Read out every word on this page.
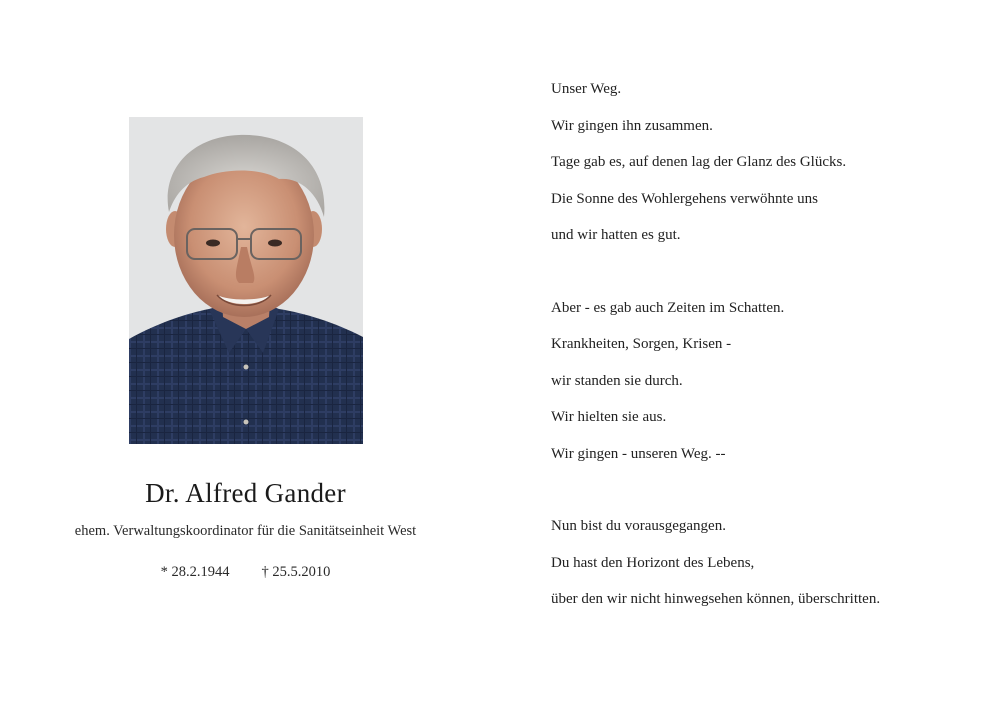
Dr. Alfred Gander
ehem. Verwaltungskoordinator für die Sanitätseinheit West
* 28.2.1944 † 25.5.2010
Unser Weg.
Wir gingen ihn zusammen.
Tage gab es, auf denen lag der Glanz des Glücks.
Die Sonne des Wohlergehens verwöhnte uns
und wir hatten es gut.
Aber - es gab auch Zeiten im Schatten.
Krankheiten, Sorgen, Krisen -
wir standen sie durch.
Wir hielten sie aus.
Wir gingen - unseren Weg. --
Nun bist du vorausgegangen.
Du hast den Horizont des Lebens,
über den wir nicht hinwegsehen können, überschritten.
